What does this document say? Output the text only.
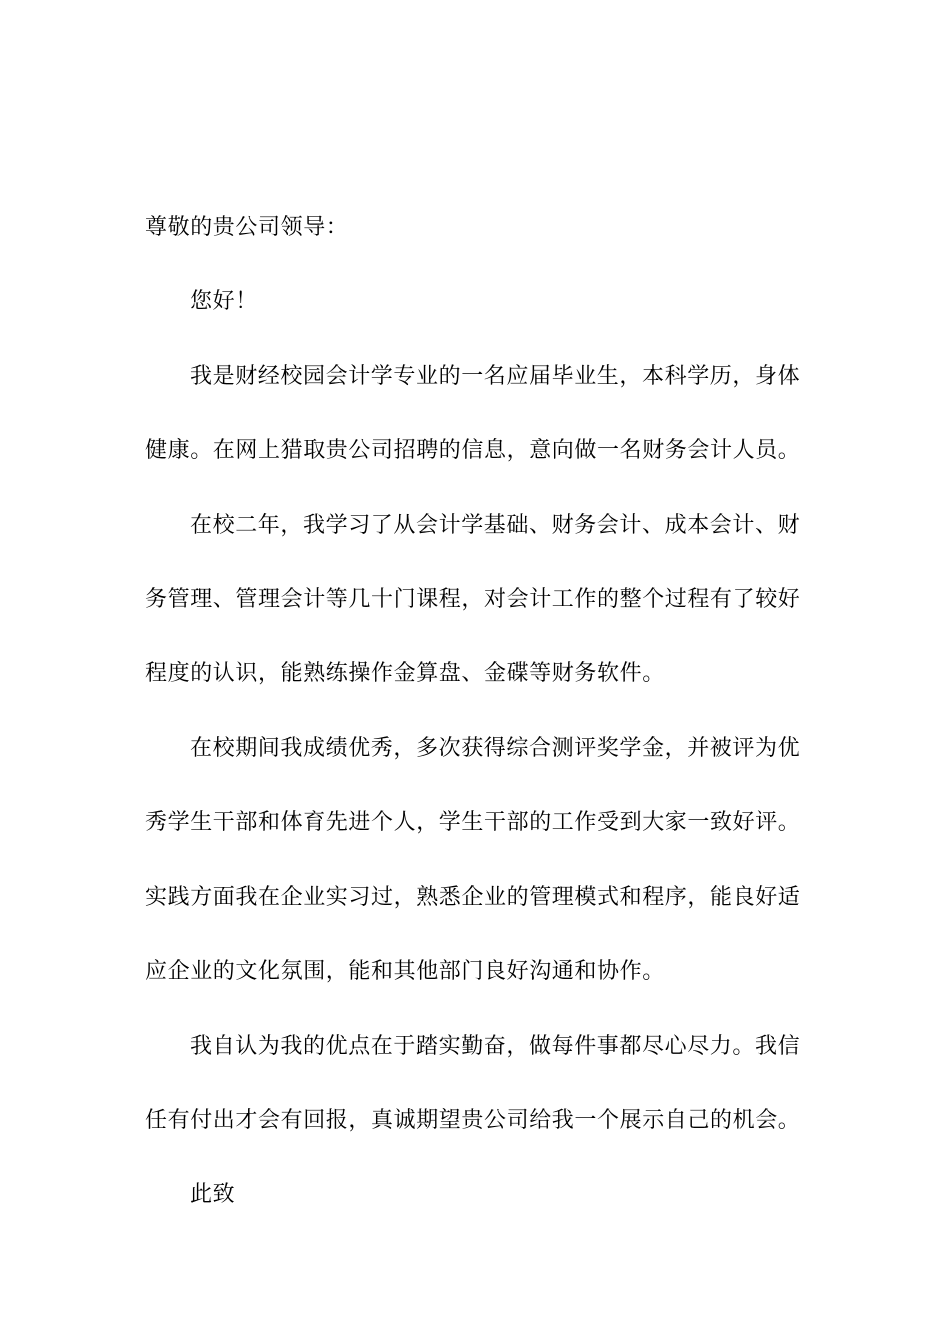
尊敬的贵公司领导：
您好！
我是财经校园会计学专业的一名应届毕业生，本科学历，身体
健康。在网上猎取贵公司招聘的信息，意向做一名财务会计人员。
在校二年，我学习了从会计学基础、财务会计、成本会计、财
务管理、管理会计等几十门课程，对会计工作的整个过程有了较好
程度的认识，能熟练操作金算盘、金碟等财务软件。
在校期间我成绩优秀，多次获得综合测评奖学金，并被评为优
秀学生干部和体育先进个人，学生干部的工作受到大家一致好评。
实践方面我在企业实习过，熟悉企业的管理模式和程序，能良好适
应企业的文化氛围，能和其他部门良好沟通和协作。
我自认为我的优点在于踏实勤奋，做每件事都尽心尽力。我信
任有付出才会有回报，真诚期望贵公司给我一个展示自己的机会。
此致
